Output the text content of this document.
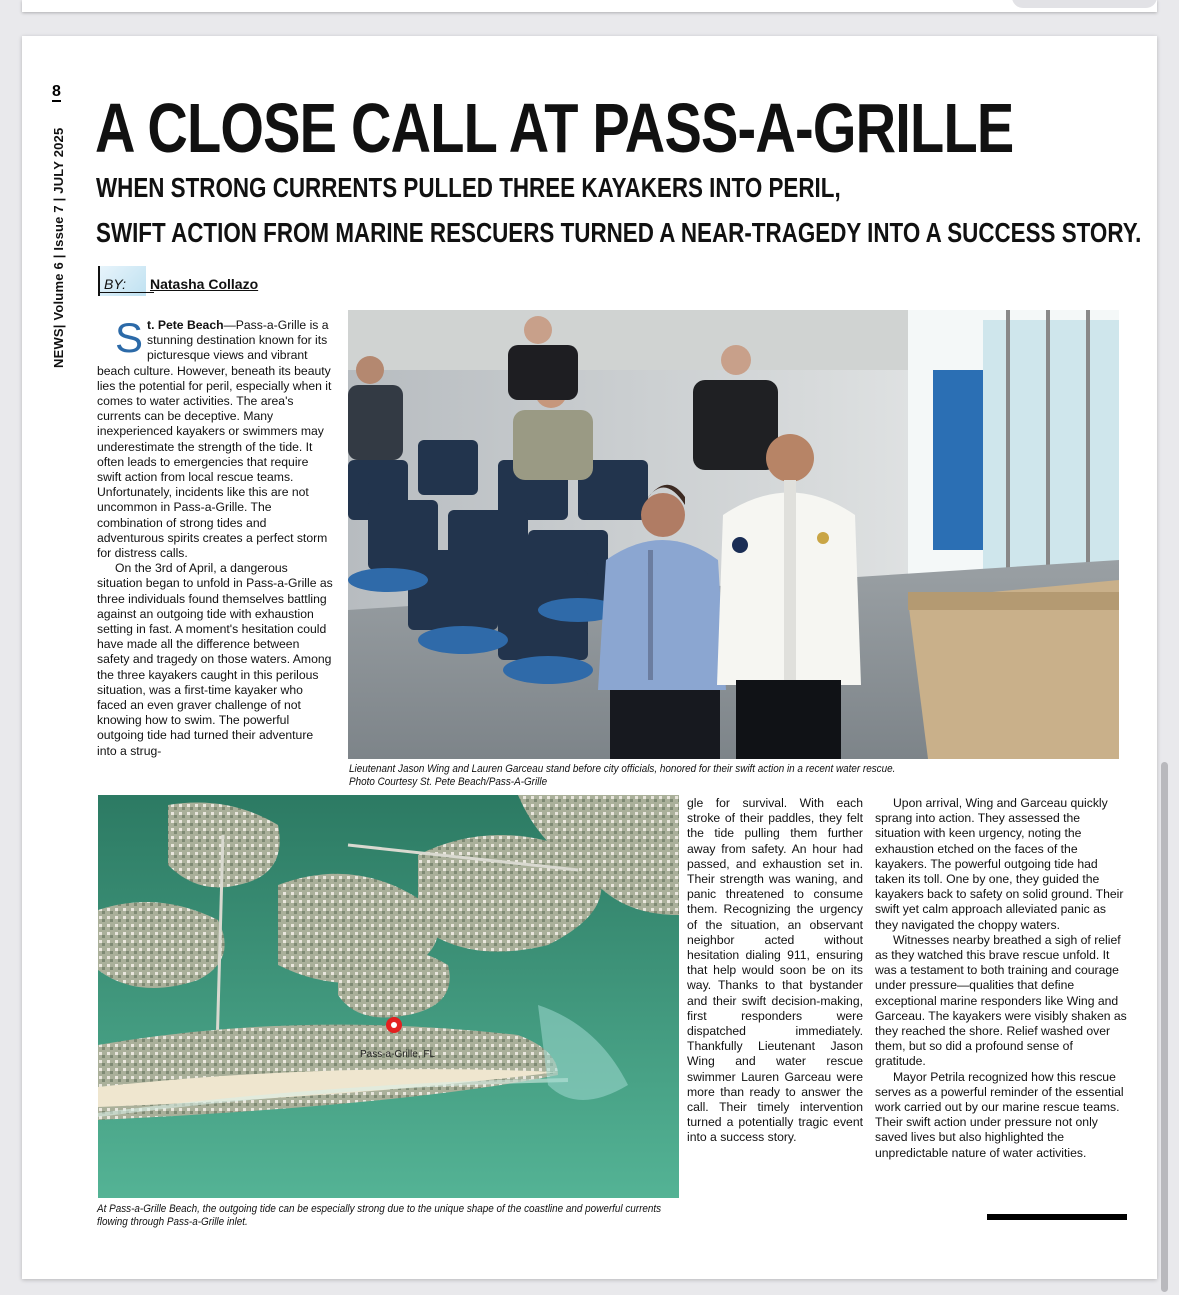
8
NEWS| Volume 6 | Issue 7 | JULY 2025 A CLOSE CALL AT PASS-A-GRILLE
WHEN STRONG CURRENTS PULLED THREE KAYAKERS INTO PERIL,
SWIFT ACTION FROM MARINE RESCUERS TURNED A NEAR-TRAGEDY INTO A SUCCESS STORY.
BY: Natasha Collazo

St. Pete Beach—Pass-a-Grille is a stunning destination known for its picturesque views and vibrant beach culture. However, beneath its beauty lies the potential for peril, especially when it comes to water activities. The area's currents can be deceptive. Many inexperienced kayakers or swimmers may underestimate the strength of the tide. It often leads to emergencies that require swift action from local rescue teams. Unfortunately, incidents like this are not uncommon in Pass-a-Grille. The combination of strong tides and adventurous spirits creates a perfect storm for distress calls.

On the 3rd of April, a dangerous situation began to unfold in Pass-a-Grille as three individuals found themselves battling against an outgoing tide with exhaustion setting in fast. A moment's hesitation could have made all the difference between safety and tragedy on those waters. Among the three kayakers caught in this perilous situation, was a first-time kayaker who faced an even graver challenge of not knowing how to swim. The powerful outgoing tide had turned their adventure into a strug-

Lieutenant Jason Wing and Lauren Garceau stand before city officials, honored for their swift action in a recent water rescue.
Photo Courtesy St. Pete Beach/Pass-A-Grille
Pass-a-Grille, FL
At Pass-a-Grille Beach, the outgoing tide can be especially strong due to the unique shape of the coastline and powerful currents
flowing through Pass-a-Grille inlet.

gle for survival. With each stroke of their paddles, they felt the tide pulling them further away from safety. An hour had passed, and exhaustion set in. Their strength was waning, and panic threatened to consume them. Recognizing the urgency of the situation, an observant neighbor acted without hesitation dialing 911, ensuring that help would soon be on its way. Thanks to that bystander and their swift decision-making, first responders were dispatched immediately. Thankfully Lieutenant Jason Wing and water rescue swimmer Lauren Garceau were more than ready to answer the call. Their timely intervention turned a potentially tragic event into a success story.

Upon arrival, Wing and Garceau quickly sprang into action. They assessed the situation with keen urgency, noting the exhaustion etched on the faces of the kayakers. The powerful outgoing tide had taken its toll. One by one, they guided the kayakers back to safety on solid ground. Their swift yet calm approach alleviated panic as they navigated the choppy waters.

Witnesses nearby breathed a sigh of relief as they watched this brave rescue unfold. It was a testament to both training and courage under pressure—qualities that define exceptional marine responders like Wing and Garceau. The kayakers were visibly shaken as they reached the shore. Relief washed over them, but so did a profound sense of gratitude.

Mayor Petrila recognized how this rescue serves as a powerful reminder of the essential work carried out by our marine rescue teams. Their swift action under pressure not only saved lives but also highlighted the unpredictable nature of water activities.
